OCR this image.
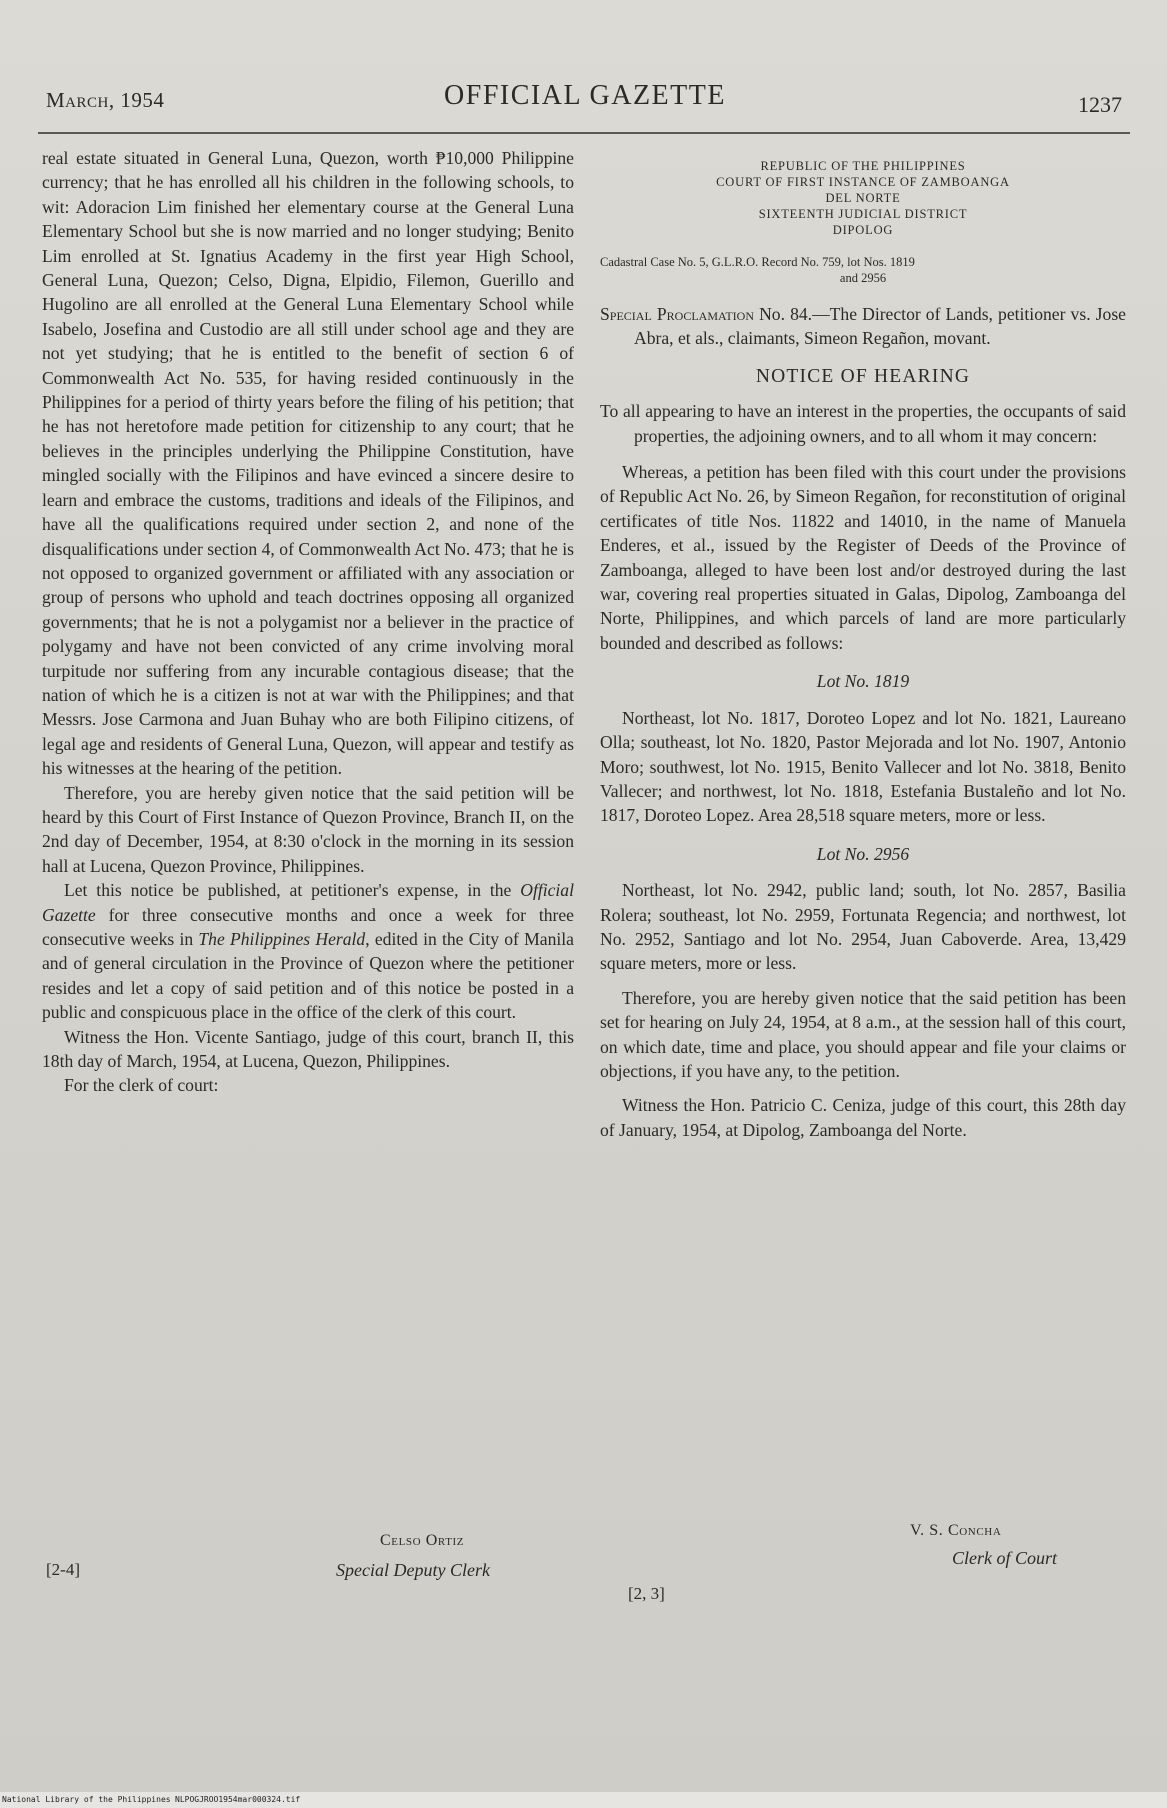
March, 1954	OFFICIAL GAZETTE	1237

real estate situated in General Luna, Quezon, worth ₱10,000 Philippine currency; that he has enrolled all his children in the following schools, to wit: Adoracion Lim finished her elementary course at the General Luna Elementary School but she is now married and no longer studying; Benito Lim enrolled at St. Ignatius Academy in the first year High School, General Luna, Quezon; Celso, Digna, Elpidio, Filemon, Guerillo and Hugolino are all enrolled at the General Luna Elementary School while Isabelo, Josefina and Custodio are all still under school age and they are not yet studying; that he is entitled to the benefit of section 6 of Commonwealth Act No. 535, for having resided continuously in the Philippines for a period of thirty years before the filing of his petition; that he has not heretofore made petition for citizenship to any court; that he believes in the principles underlying the Philippine Constitution, have mingled socially with the Filipinos and have evinced a sincere desire to learn and embrace the customs, traditions and ideals of the Filipinos, and have all the qualifications required under section 2, and none of the disqualifications under section 4, of Commonwealth Act No. 473; that he is not opposed to organized government or affiliated with any association or group of persons who uphold and teach doctrines opposing all organized governments; that he is not a polygamist nor a believer in the practice of polygamy and have not been convicted of any crime involving moral turpitude nor suffering from any incurable contagious disease; that the nation of which he is a citizen is not at war with the Philippines; and that Messrs. Jose Carmona and Juan Buhay who are both Filipino citizens, of legal age and residents of General Luna, Quezon, will appear and testify as his witnesses at the hearing of the petition.

Therefore, you are hereby given notice that the said petition will be heard by this Court of First Instance of Quezon Province, Branch II, on the 2nd day of December, 1954, at 8:30 o'clock in the morning in its session hall at Lucena, Quezon Province, Philippines.

Let this notice be published, at petitioner's expense, in the Official Gazette for three consecutive months and once a week for three consecutive weeks in The Philippines Herald, edited in the City of Manila and of general circulation in the Province of Quezon where the petitioner resides and let a copy of said petition and of this notice be posted in a public and conspicuous place in the office of the clerk of this court.

Witness the Hon. Vicente Santiago, judge of this court, branch II, this 18th day of March, 1954, at Lucena, Quezon, Philippines.

For the clerk of court:

Celso Ortiz
Special Deputy Clerk
[2-4]

REPUBLIC OF THE PHILIPPINES

COURT OF FIRST INSTANCE OF ZAMBOANGA

DEL NORTE

SIXTEENTH JUDICIAL DISTRICT

DIPOLOG

Cadastral Case No. 5, G.L.R.O. Record No. 759, lot Nos. 1819

and 2956

Special Proclamation No. 84.—The Director of Lands, petitioner vs. Jose Abra, et als., claimants, Simeon Regañon, movant.

NOTICE OF HEARING

To all appearing to have an interest in the properties, the occupants of said properties, the adjoining owners, and to all whom it may concern:

Whereas, a petition has been filed with this court under the provisions of Republic Act No. 26, by Simeon Regañon, for reconstitution of original certificates of title Nos. 11822 and 14010, in the name of Manuela Enderes, et al., issued by the Register of Deeds of the Province of Zamboanga, alleged to have been lost and/or destroyed during the last war, covering real properties situated in Galas, Dipolog, Zamboanga del Norte, Philippines, and which parcels of land are more particularly bounded and described as follows:

Lot No. 1819

Northeast, lot No. 1817, Doroteo Lopez and lot No. 1821, Laureano Olla; southeast, lot No. 1820, Pastor Mejorada and lot No. 1907, Antonio Moro; southwest, lot No. 1915, Benito Vallecer and lot No. 3818, Benito Vallecer; and northwest, lot No. 1818, Estefania Bustaleño and lot No. 1817, Doroteo Lopez. Area 28,518 square meters, more or less.

Lot No. 2956

Northeast, lot No. 2942, public land; south, lot No. 2857, Basilia Rolera; southeast, lot No. 2959, Fortunata Regencia; and northwest, lot No. 2952, Santiago and lot No. 2954, Juan Caboverde. Area, 13,429 square meters, more or less.

Therefore, you are hereby given notice that the said petition has been set for hearing on July 24, 1954, at 8 a.m., at the session hall of this court, on which date, time and place, you should appear and file your claims or objections, if you have any, to the petition.

Witness the Hon. Patricio C. Ceniza, judge of this court, this 28th day of January, 1954, at Dipolog, Zamboanga del Norte.

V. S. Concha
Clerk of Court
[2, 3]
National Library of the Philippines NLPOGJROO1954mar000324.tif
